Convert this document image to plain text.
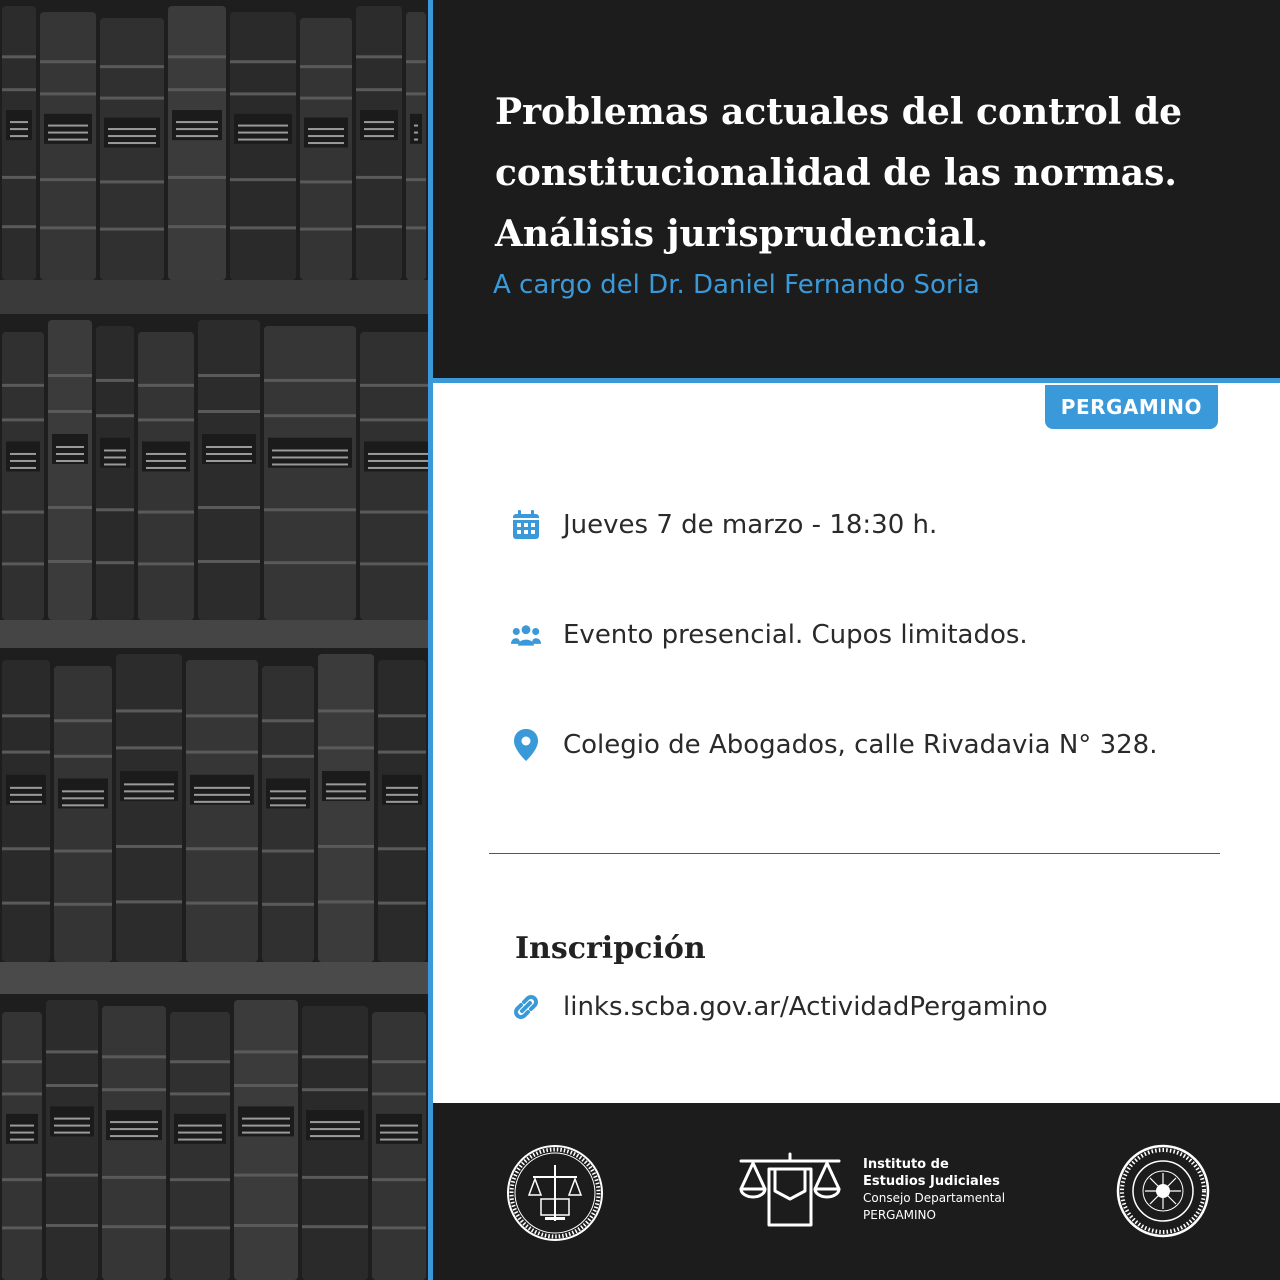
Problemas actuales del control de constitucionalidad de las normas. Análisis jurisprudencial.
A cargo del Dr. Daniel Fernando Soria
PERGAMINO
Jueves 7 de marzo - 18:30 h.
Evento presencial. Cupos limitados.
Colegio de Abogados, calle Rivadavia N° 328.
Inscripción
links.scba.gov.ar/ActividadPergamino
Instituto de
Estudios Judiciales
Consejo Departamental
PERGAMINO
